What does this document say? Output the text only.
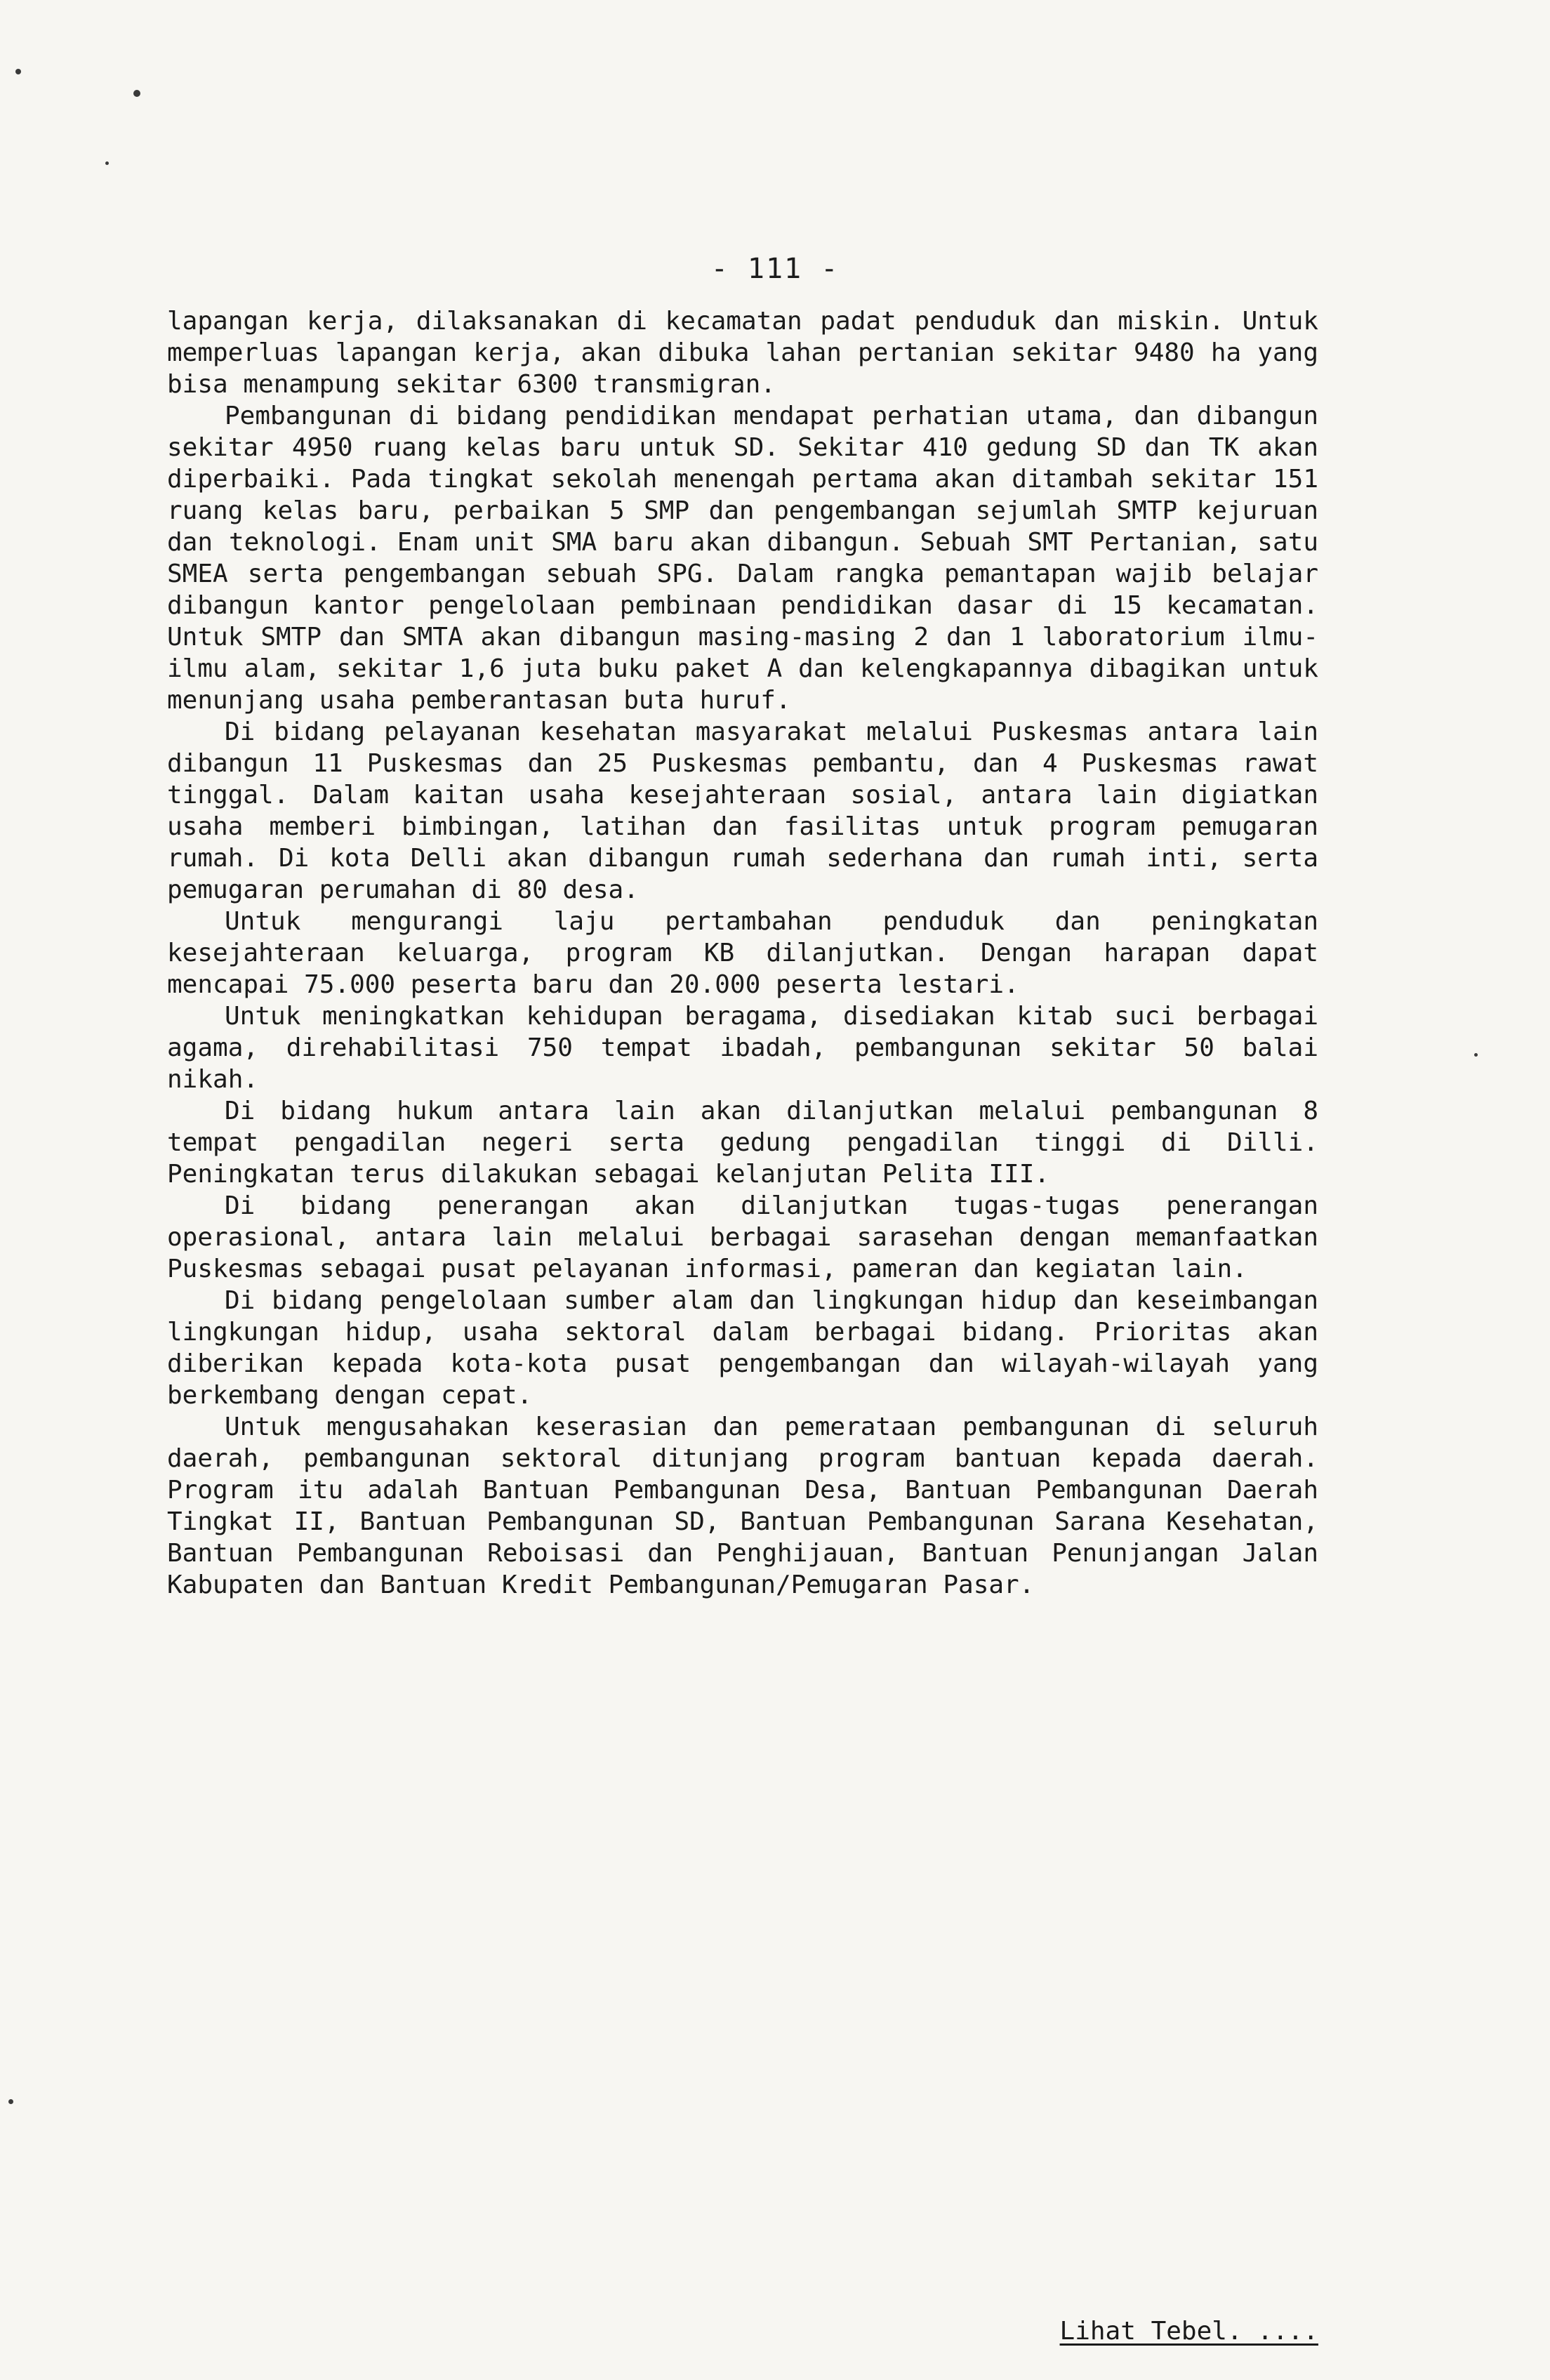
- 111 -

lapangan kerja, dilaksanakan di kecamatan padat penduduk dan miskin. Untuk memperluas lapangan kerja, akan dibuka lahan pertanian sekitar 9480 ha yang bisa menampung sekitar 6300 transmigran.

Pembangunan di bidang pendidikan mendapat perhatian utama, dan dibangun sekitar 4950 ruang kelas baru untuk SD. Sekitar 410 gedung SD dan TK akan diperbaiki. Pada tingkat sekolah menengah pertama akan ditambah sekitar 151 ruang kelas baru, perbaikan 5 SMP dan pengembangan sejumlah SMTP kejuruan dan teknologi. Enam unit SMA baru akan dibangun. Sebuah SMT Pertanian, satu SMEA serta pengembangan sebuah SPG. Dalam rangka pemantapan wajib belajar dibangun kantor pengelolaan pembinaan pendidikan dasar di 15 kecamatan. Untuk SMTP dan SMTA akan dibangun masing-masing 2 dan 1 laboratorium ilmu-ilmu alam, sekitar 1,6 juta buku paket A dan kelengkapannya dibagikan untuk menunjang usaha pemberantasan buta huruf.

Di bidang pelayanan kesehatan masyarakat melalui Puskesmas antara lain dibangun 11 Puskesmas dan 25 Puskesmas pembantu, dan 4 Puskesmas rawat tinggal. Dalam kaitan usaha kesejahteraan sosial, antara lain digiatkan usaha memberi bimbingan, latihan dan fasilitas untuk program pemugaran rumah. Di kota Delli akan dibangun rumah sederhana dan rumah inti, serta pemugaran perumahan di 80 desa.

Untuk mengurangi laju pertambahan penduduk dan peningkatan kesejahteraan keluarga, program KB dilanjutkan. Dengan harapan dapat mencapai 75.000 peserta baru dan 20.000 peserta lestari.

Untuk meningkatkan kehidupan beragama, disediakan kitab suci berbagai agama, direhabilitasi 750 tempat ibadah, pembangunan sekitar 50 balai nikah.

Di bidang hukum antara lain akan dilanjutkan melalui pembangunan 8 tempat pengadilan negeri serta gedung pengadilan tinggi di Dilli. Peningkatan terus dilakukan sebagai kelanjutan Pelita III.

Di bidang penerangan akan dilanjutkan tugas-tugas penerangan operasional, antara lain melalui berbagai sarasehan dengan memanfaatkan Puskesmas sebagai pusat pelayanan informasi, pameran dan kegiatan lain.

Di bidang pengelolaan sumber alam dan lingkungan hidup dan keseimbangan lingkungan hidup, usaha sektoral dalam berbagai bidang. Prioritas akan diberikan kepada kota-kota pusat pengembangan dan wilayah-wilayah yang berkembang dengan cepat.

Untuk mengusahakan keserasian dan pemerataan pembangunan di seluruh daerah, pembangunan sektoral ditunjang program bantuan kepada daerah. Program itu adalah Bantuan Pembangunan Desa, Bantuan Pembangunan Daerah Tingkat II, Bantuan Pembangunan SD, Bantuan Pembangunan Sarana Kesehatan, Bantuan Pembangunan Reboisasi dan Penghijauan, Bantuan Penunjangan Jalan Kabupaten dan Bantuan Kredit Pembangunan/Pemugaran Pasar.

Lihat Tebel. ....
